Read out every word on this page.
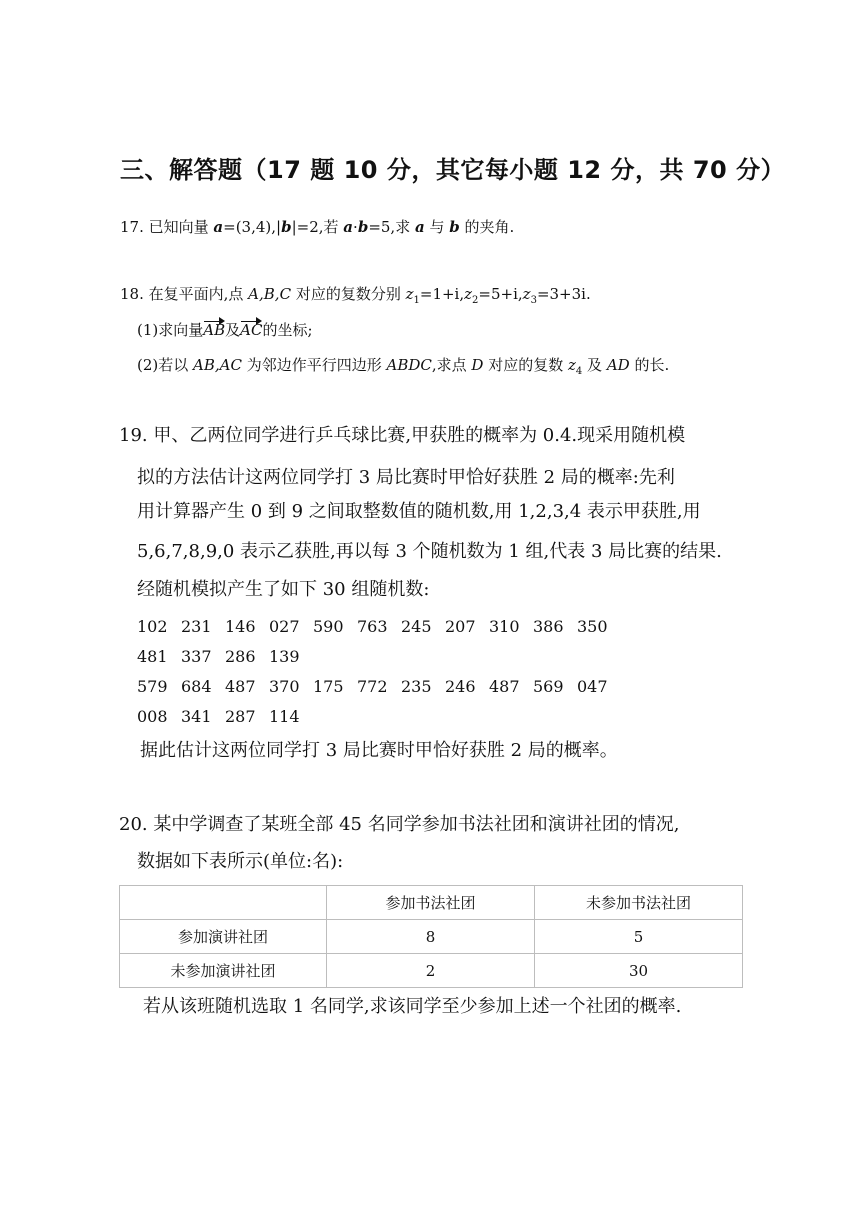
三、解答题（17 题 10 分，其它每小题 12 分，共 70 分）
17. 已知向量 a=(3,4),|b|=2,若 a·b=5,求 a 与 b 的夹角.
18. 在复平面内,点 A,B,C 对应的复数分别 $z_1=1+i,z_2=5+i,z_3=3+3i$.
(1)求向量AB及AC的坐标;
(2)若以 AB,AC 为邻边作平行四边形 ABDC,求点 D 对应的复数 $z_4$ 及 AD 的长.
19. 甲、乙两位同学进行乒乓球比赛,甲获胜的概率为 0.4.现采用随机模
拟的方法估计这两位同学打 3 局比赛时甲恰好获胜 2 局的概率:先利
用计算器产生 0 到 9 之间取整数值的随机数,用 1,2,3,4 表示甲获胜,用
5,6,7,8,9,0 表示乙获胜,再以每 3 个随机数为 1 组,代表 3 局比赛的结果.
经随机模拟产生了如下 30 组随机数:
102 231 146 027 590 763 245 207 310 386 350
481 337 286 139
579 684 487 370 175 772 235 246 487 569 047
008 341 287 114
据此估计这两位同学打 3 局比赛时甲恰好获胜 2 局的概率。
20. 某中学调查了某班全部 45 名同学参加书法社团和演讲社团的情况,
数据如下表所示(单位:名):
	参加书法社团	未参加书法社团
参加演讲社团	8	5
未参加演讲社团	2	30
若从该班随机选取 1 名同学,求该同学至少参加上述一个社团的概率.
